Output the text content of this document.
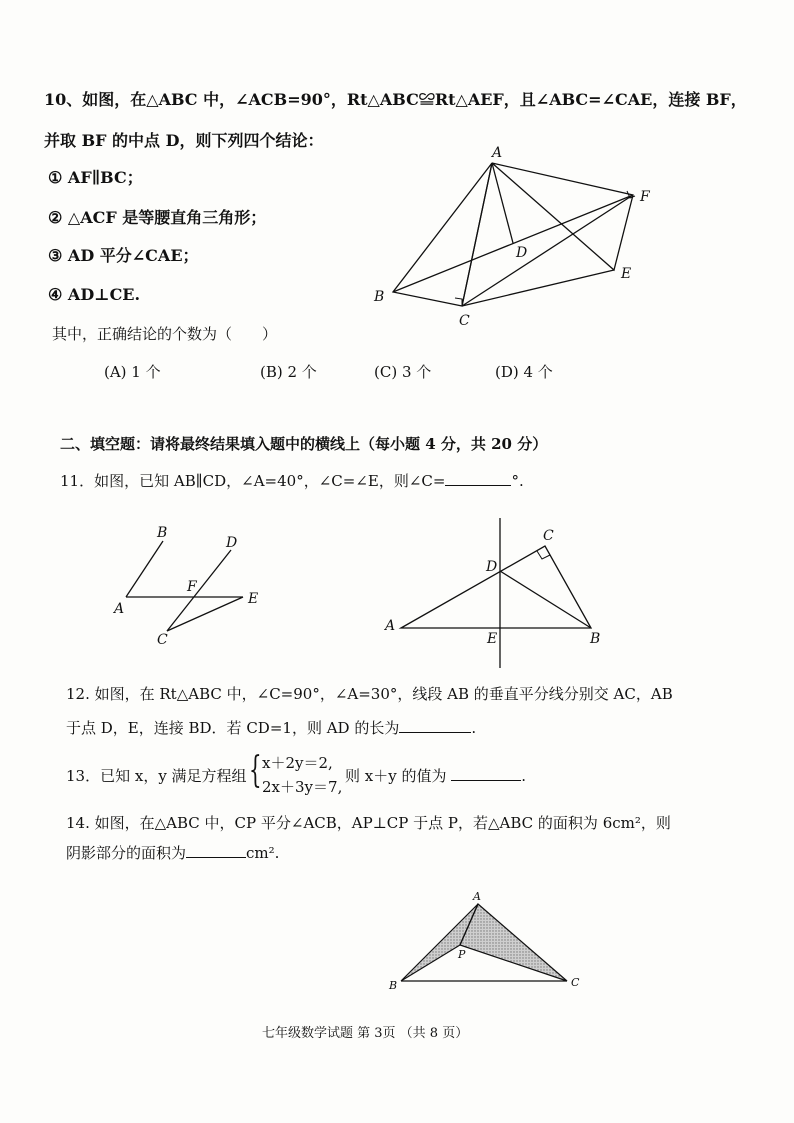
10、如图，在△ABC 中，∠ACB=90°，Rt△ABC≌Rt△AEF，且∠ABC=∠CAE，连接 BF，
并取 BF 的中点 D，则下列四个结论：
① AF∥BC；
② △ACF 是等腰直角三角形；
③ AD 平分∠CAE；
④ AD⊥CE.
其中，正确结论的个数为（　　）
(A) 1 个	(B) 2 个	(C) 3 个	(D) 4 个
A
F
D
E
B
C
二、填空题：请将最终结果填入题中的横线上（每小题 4 分，共 20 分）
11．如图，已知 AB∥CD，∠A=40°，∠C=∠E，则∠C=	°.
B
D
F
A
E
C
C
D
A
E	B
12. 如图，在 Rt△ABC 中，∠C=90°，∠A=30°，线段 AB 的垂直平分线分别交 AC，AB
于点 D，E，连接 BD．若 CD=1，则 AD 的长为	.
13．已知 x，y 满足方程组 { x＋2y＝2,
2x＋3y＝7,
则 x＋y 的值为	.
14. 如图，在△ABC 中，CP 平分∠ACB，AP⊥CP 于点 P，若△ABC 的面积为 6cm²，则
阴影部分的面积为	cm².
A
P
B	C
七年级数学试题 第 3页 （共 8 页）
